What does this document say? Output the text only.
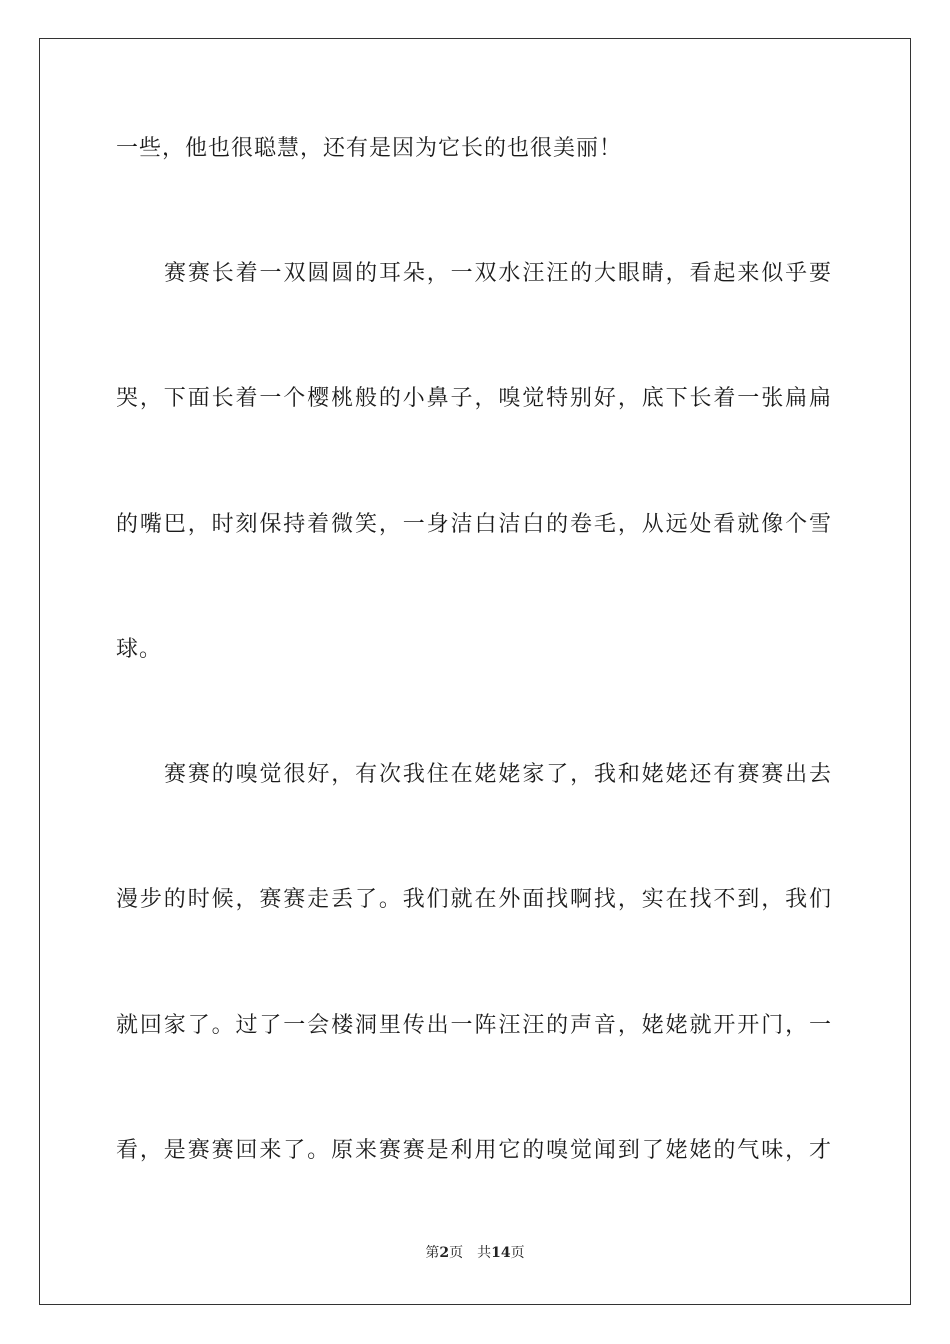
一些，他也很聪慧，还有是因为它长的也很美丽！
赛赛长着一双圆圆的耳朵，一双水汪汪的大眼睛，看起来似乎要
哭，下面长着一个樱桃般的小鼻子，嗅觉特别好，底下长着一张扁扁
的嘴巴，时刻保持着微笑，一身洁白洁白的卷毛，从远处看就像个雪
球。
赛赛的嗅觉很好，有次我住在姥姥家了，我和姥姥还有赛赛出去
漫步的时候，赛赛走丢了。我们就在外面找啊找，实在找不到，我们
就回家了。过了一会楼洞里传出一阵汪汪的声音，姥姥就开开门，一
看，是赛赛回来了。原来赛赛是利用它的嗅觉闻到了姥姥的气味，才
第2页 共14页
